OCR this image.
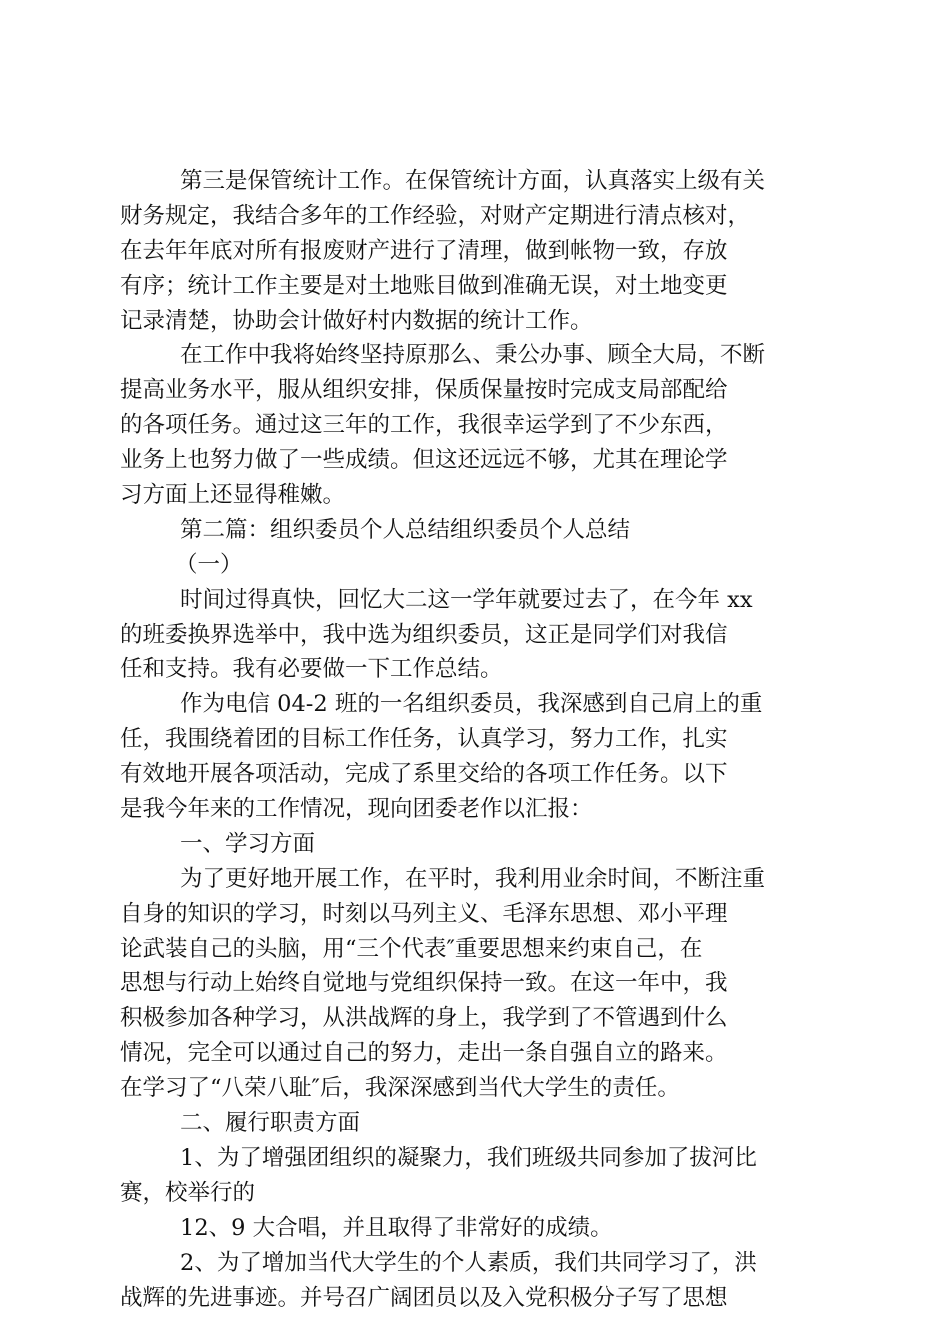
第三是保管统计工作。在保管统计方面，认真落实上级有关
财务规定，我结合多年的工作经验，对财产定期进行清点核对，
在去年年底对所有报废财产进行了清理，做到帐物一致，存放
有序；统计工作主要是对土地账目做到准确无误，对土地变更
记录清楚，协助会计做好村内数据的统计工作。
在工作中我将始终坚持原那么、秉公办事、顾全大局，不断
提高业务水平，服从组织安排，保质保量按时完成支局部配给
的各项任务。通过这三年的工作，我很幸运学到了不少东西，
业务上也努力做了一些成绩。但这还远远不够，尤其在理论学
习方面上还显得稚嫩。
第二篇：组织委员个人总结组织委员个人总结
（一）
时间过得真快，回忆大二这一学年就要过去了，在今年 xx
的班委换界选举中，我中选为组织委员，这正是同学们对我信
任和支持。我有必要做一下工作总结。
作为电信 04-2 班的一名组织委员，我深感到自己肩上的重
任，我围绕着团的目标工作任务，认真学习，努力工作，扎实
有效地开展各项活动，完成了系里交给的各项工作任务。以下
是我今年来的工作情况，现向团委老作以汇报：
一、学习方面
为了更好地开展工作，在平时，我利用业余时间，不断注重
自身的知识的学习，时刻以马列主义、毛泽东思想、邓小平理
论武装自己的头脑，用“三个代表″重要思想来约束自己，在
思想与行动上始终自觉地与党组织保持一致。在这一年中，我
积极参加各种学习，从洪战辉的身上，我学到了不管遇到什么
情况，完全可以通过自己的努力，走出一条自强自立的路来。
在学习了“八荣八耻″后，我深深感到当代大学生的责任。
二、履行职责方面
1、为了增强团组织的凝聚力，我们班级共同参加了拔河比
赛，校举行的
12、9 大合唱，并且取得了非常好的成绩。
2、为了增加当代大学生的个人素质，我们共同学习了，洪
战辉的先进事迹。并号召广阔团员以及入党积极分子写了思想
